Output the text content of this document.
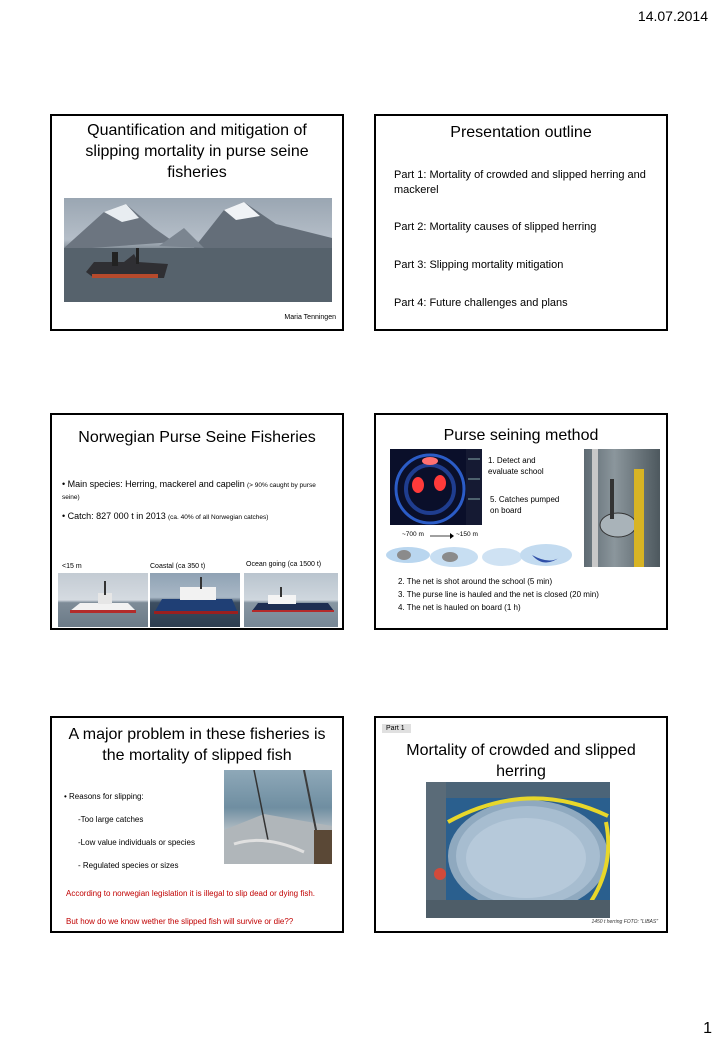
14.07.2014
Quantification and mitigation of slipping mortality in purse seine fisheries
Maria Tenningen
Presentation outline
Part 1: Mortality of crowded and slipped herring and mackerel
Part 2: Mortality causes of slipped herring
Part 3: Slipping mortality mitigation
Part 4: Future challenges and plans
Norwegian Purse Seine Fisheries
• Main species: Herring, mackerel and capelin (> 90% caught by purse
seine)
• Catch: 827 000 t in 2013 (ca. 40% of all Norwegian catches)
<15 m	Coastal (ca 350 t)	Ocean going (ca 1500 t)
Purse seining method
1. Detect and evaluate school
5. Catches pumped on board
~700 m	~150 m
2. The net is shot around the school (5 min)
3. The purse line is hauled and the net is closed (20 min)
4. The net is hauled on board (1 h)
A major problem in these fisheries is the mortality of slipped fish
• Reasons for slipping:
-Too large catches
-Low value individuals or species
- Regulated species or sizes
According to norwegian legislation it is illegal to slip dead or dying fish.
But how do we know wether the slipped fish will survive or die??
Part 1
Mortality of crowded and slipped herring
1450 t herring FOTO: "LIBAS"
1
